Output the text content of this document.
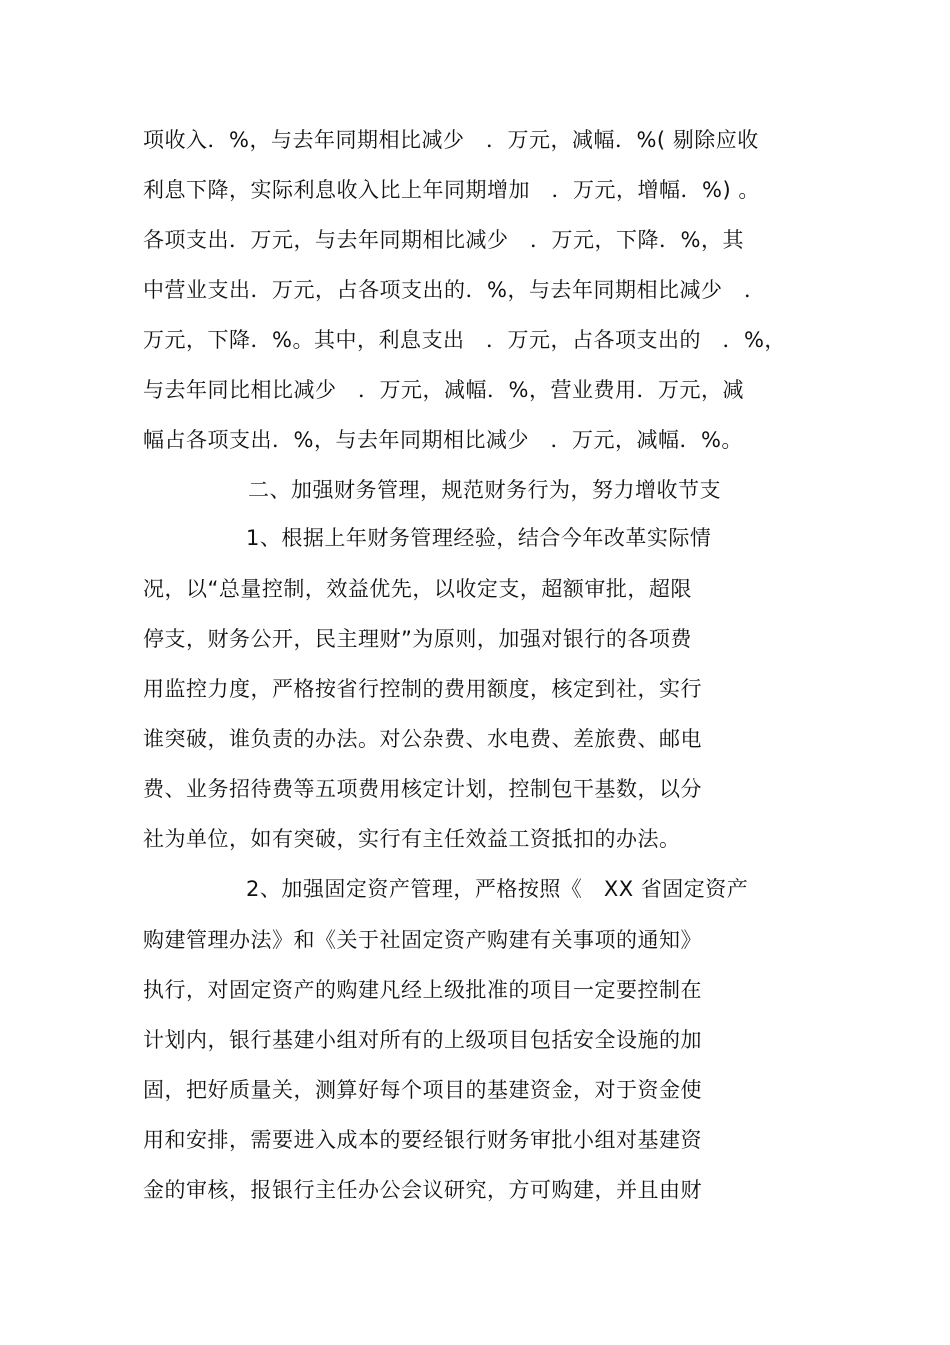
项收入．%，与去年同期相比减少　．万元，减幅．%( 剔除应收
利息下降，实际利息收入比上年同期增加　．万元，增幅．%) 。
各项支出．万元，与去年同期相比减少　．万元，下降．%，其
中营业支出．万元，占各项支出的．%，与去年同期相比减少　．
万元，下降．%。其中，利息支出　．万元，占各项支出的　．%，
与去年同比相比减少　．万元，减幅．%，营业费用．万元，减
幅占各项支出．%，与去年同期相比减少　．万元，减幅．%。
二、加强财务管理，规范财务行为，努力增收节支
1、根据上年财务管理经验，结合今年改革实际情
况，以“总量控制，效益优先，以收定支，超额审批，超限
停支，财务公开，民主理财”为原则，加强对银行的各项费
用监控力度，严格按省行控制的费用额度，核定到社，实行
谁突破，谁负责的办法。对公杂费、水电费、差旅费、邮电
费、业务招待费等五项费用核定计划，控制包干基数，以分
社为单位，如有突破，实行有主任效益工资抵扣的办法。
2、加强固定资产管理，严格按照《　XX 省固定资产
购建管理办法》和《关于社固定资产购建有关事项的通知》
执行，对固定资产的购建凡经上级批准的项目一定要控制在
计划内，银行基建小组对所有的上级项目包括安全设施的加
固，把好质量关，测算好每个项目的基建资金，对于资金使
用和安排，需要进入成本的要经银行财务审批小组对基建资
金的审核，报银行主任办公会议研究，方可购建，并且由财
